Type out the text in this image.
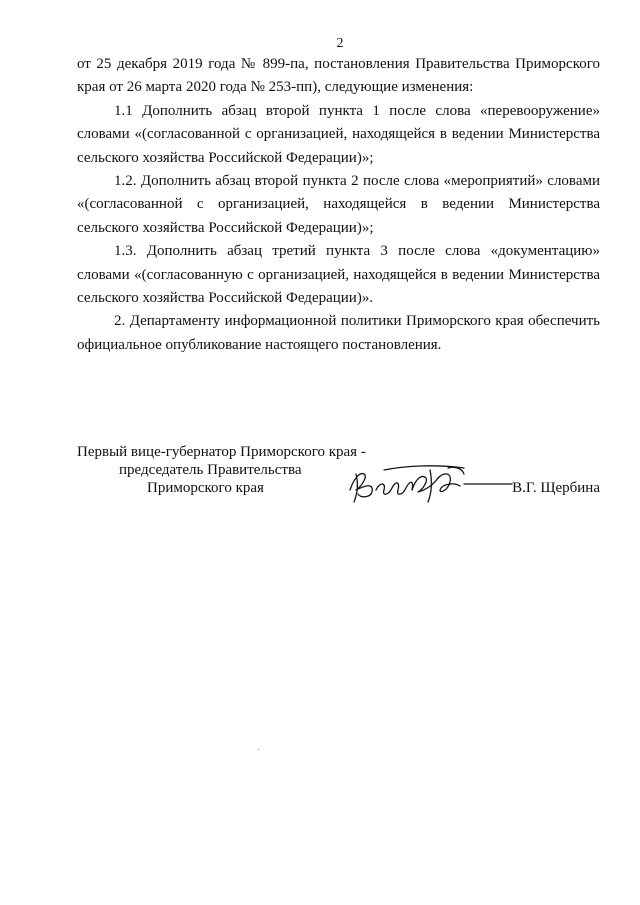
2

от 25 декабря 2019 года № 899-па, постановления Правительства Приморского края от 26 марта 2020 года № 253-пп), следующие изменения:

1.1 Дополнить абзац второй пункта 1 после слова «перевооружение» словами «(согласованной с организацией, находящейся в ведении Министерства сельского хозяйства Российской Федерации)»;

1.2. Дополнить абзац второй пункта 2 после слова «мероприятий» словами «(согласованной с организацией, находящейся в ведении Министерства сельского хозяйства Российской Федерации)»;

1.3. Дополнить абзац третий пункта 3 после слова «документацию» словами «(согласованную с организацией, находящейся в ведении Министерства сельского хозяйства Российской Федерации)».

2. Департаменту информационной политики Приморского края обеспечить официальное опубликование настоящего постановления.

Первый вице-губернатор Приморского края -
председатель Правительства
Приморского края	В.Г. Щербина
